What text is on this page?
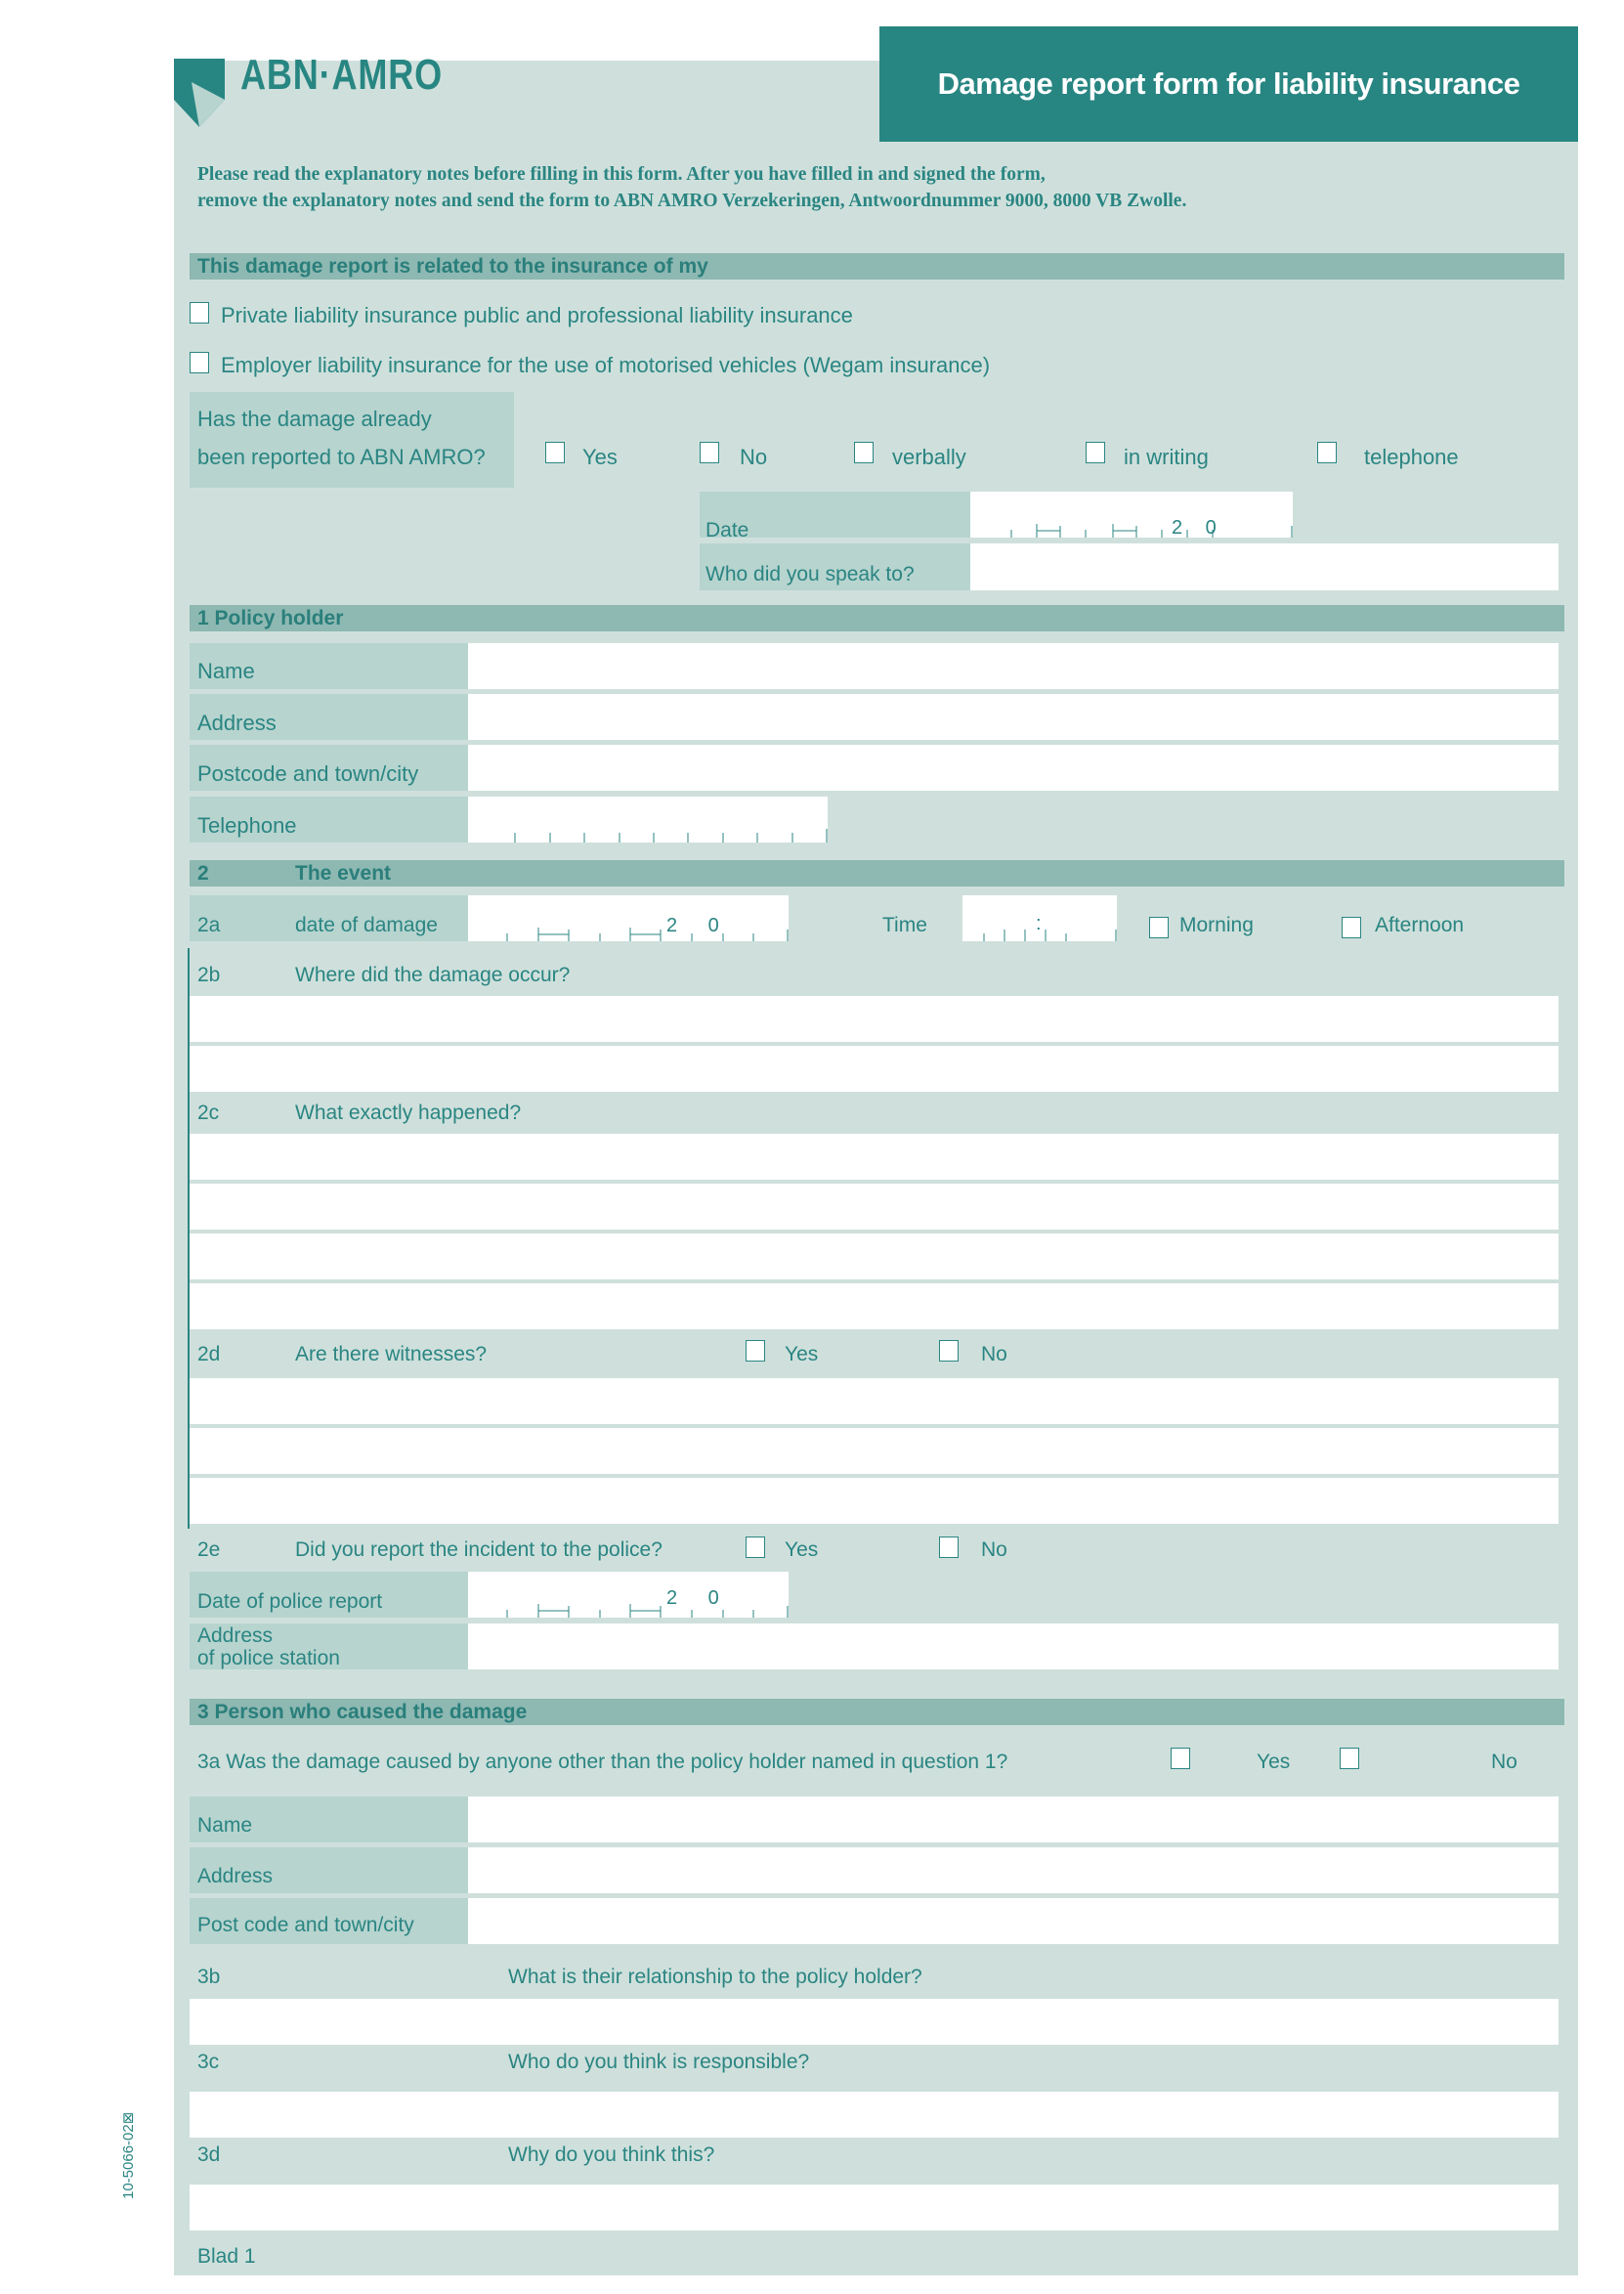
ABN·AMRO	Damage report form for liability insurance
Please read the explanatory notes before filling in this form. After you have filled in and signed the form,
remove the explanatory notes and send the form to ABN AMRO Verzekeringen, Antwoordnummer 9000, 8000 VB Zwolle.
This damage report is related to the insurance of my
Private liability insurance public and professional liability insurance
Employer liability insurance for the use of motorised vehicles (Wegam insurance)
Has the damage already
been reported to ABN AMRO?	Yes	No	verbally	in writing	telephone
Date	2 0
Who did you speak to?
1 Policy holder
Name
Address
Postcode and town/city
Telephone
2	The event
2a	date of damage	2 0	Time	:	Morning	Afternoon
2b	Where did the damage occur?
2c	What exactly happened?
2d	Are there witnesses?	Yes	No
2e	Did you report the incident to the police?	Yes	No
Date of police report	2 0
Address
of police station
3 Person who caused the damage
3a Was the damage caused by anyone other than the policy holder named in question 1?	Yes	No
Name
Address
Post code and town/city
3b	What is their relationship to the policy holder?
3c	Who do you think is responsible?
3d	Why do you think this?
Blad 1
10-5066-02⊠
